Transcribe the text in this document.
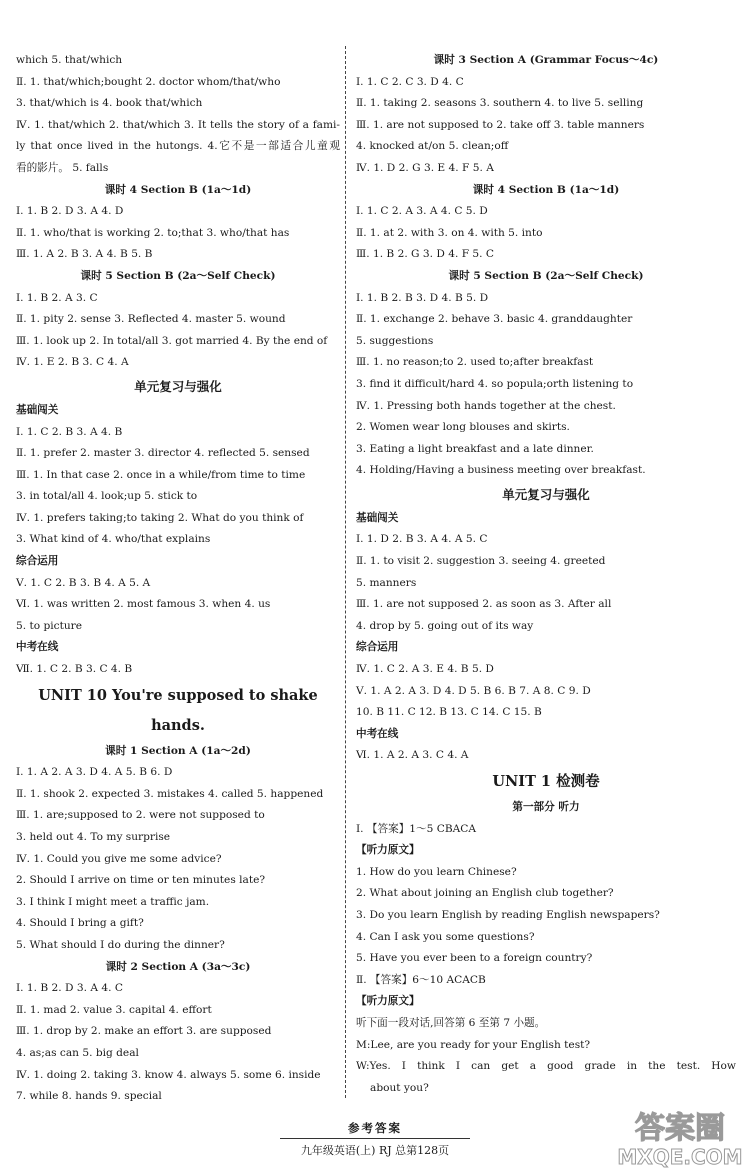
which 5. that/which
Ⅱ. 1. that/which;bought 2. doctor whom/that/who
3. that/which is 4. book that/which
Ⅳ. 1. that/which 2. that/which 3. It tells the story of a fami-
ly that once lived in the hutongs. 4.它不是一部适合儿童观
看的影片。 5. falls
课时 4 Section B (1a～1d)
Ⅰ. 1. B 2. D 3. A 4. D
Ⅱ. 1. who/that is working 2. to;that 3. who/that has
Ⅲ. 1. A 2. B 3. A 4. B 5. B
课时 5 Section B (2a～Self Check)
Ⅰ. 1. B 2. A 3. C
Ⅱ. 1. pity 2. sense 3. Reflected 4. master 5. wound
Ⅲ. 1. look up 2. In total/all 3. got married 4. By the end of
Ⅳ. 1. E 2. B 3. C 4. A
单元复习与强化
基础闯关
Ⅰ. 1. C 2. B 3. A 4. B
Ⅱ. 1. prefer 2. master 3. director 4. reflected 5. sensed
Ⅲ. 1. In that case 2. once in a while/from time to time
3. in total/all 4. look;up 5. stick to
Ⅳ. 1. prefers taking;to taking 2. What do you think of
3. What kind of 4. who/that explains
综合运用
Ⅴ. 1. C 2. B 3. B 4. A 5. A
Ⅵ. 1. was written 2. most famous 3. when 4. us
5. to picture
中考在线
Ⅶ. 1. C 2. B 3. C 4. B
UNIT 10 You're supposed to shake hands.
课时 1 Section A (1a～2d)
Ⅰ. 1. A 2. A 3. D 4. A 5. B 6. D
Ⅱ. 1. shook 2. expected 3. mistakes 4. called 5. happened
Ⅲ. 1. are;supposed to 2. were not supposed to
3. held out 4. To my surprise
Ⅳ. 1. Could you give me some advice?
2. Should I arrive on time or ten minutes late?
3. I think I might meet a traffic jam.
4. Should I bring a gift?
5. What should I do during the dinner?
课时 2 Section A (3a～3c)
Ⅰ. 1. B 2. D 3. A 4. C
Ⅱ. 1. mad 2. value 3. capital 4. effort
Ⅲ. 1. drop by 2. make an effort 3. are supposed
4. as;as can 5. big deal
Ⅳ. 1. doing 2. taking 3. know 4. always 5. some 6. inside
7. while 8. hands 9. special
课时 3 Section A (Grammar Focus～4c)
Ⅰ. 1. C 2. C 3. D 4. C
Ⅱ. 1. taking 2. seasons 3. southern 4. to live 5. selling
Ⅲ. 1. are not supposed to 2. take off 3. table manners
4. knocked at/on 5. clean;off
Ⅳ. 1. D 2. G 3. E 4. F 5. A
课时 4 Section B (1a～1d)
Ⅰ. 1. C 2. A 3. A 4. C 5. D
Ⅱ. 1. at 2. with 3. on 4. with 5. into
Ⅲ. 1. B 2. G 3. D 4. F 5. C
课时 5 Section B (2a～Self Check)
Ⅰ. 1. B 2. B 3. D 4. B 5. D
Ⅱ. 1. exchange 2. behave 3. basic 4. granddaughter
5. suggestions
Ⅲ. 1. no reason;to 2. used to;after breakfast
3. find it difficult/hard 4. so popula;orth listening to
Ⅳ. 1. Pressing both hands together at the chest.
2. Women wear long blouses and skirts.
3. Eating a light breakfast and a late dinner.
4. Holding/Having a business meeting over breakfast.
单元复习与强化
基础闯关
Ⅰ. 1. D 2. B 3. A 4. A 5. C
Ⅱ. 1. to visit 2. suggestion 3. seeing 4. greeted
5. manners
Ⅲ. 1. are not supposed 2. as soon as 3. After all
4. drop by 5. going out of its way
综合运用
Ⅳ. 1. C 2. A 3. E 4. B 5. D
Ⅴ. 1. A 2. A 3. D 4. D 5. B 6. B 7. A 8. C 9. D
10. B 11. C 12. B 13. C 14. C 15. B
中考在线
Ⅵ. 1. A 2. A 3. C 4. A
UNIT 1 检测卷
第一部分 听力
Ⅰ. 【答案】1～5 CBACA
【听力原文】
1. How do you learn Chinese?
2. What about joining an English club together?
3. Do you learn English by reading English newspapers?
4. Can I ask you some questions?
5. Have you ever been to a foreign country?
Ⅱ. 【答案】6～10 ACACB
【听力原文】
听下面一段对话,回答第 6 至第 7 小题。
M:Lee, are you ready for your English test?
W:Yes. I think I can get a good grade in the test. How
about you?
参考答案
九年级英语(上) RJ 总第128页
答案圈
MXQE.COM
